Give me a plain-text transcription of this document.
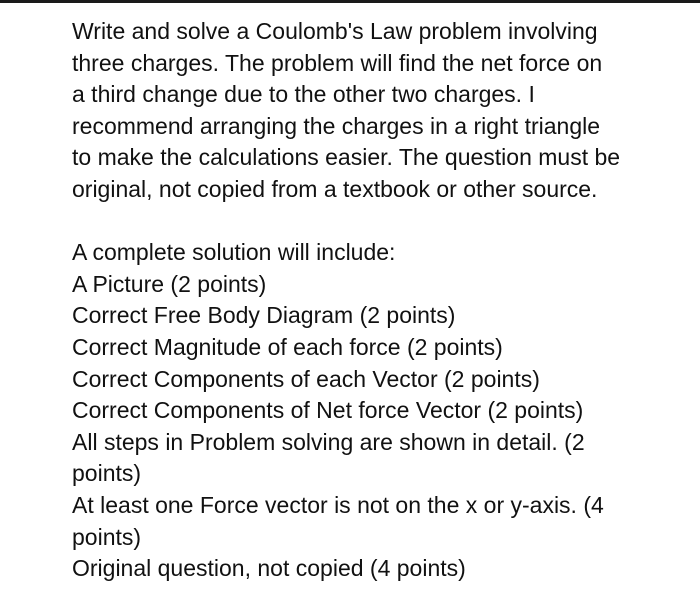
Write and solve a Coulomb's Law problem involving
three charges. The problem will find the net force on
a third change due to the other two charges. I
recommend arranging the charges in a right triangle
to make the calculations easier. The question must be
original, not copied from a textbook or other source.
A complete solution will include:
A Picture (2 points)
Correct Free Body Diagram (2 points)
Correct Magnitude of each force (2 points)
Correct Components of each Vector (2 points)
Correct Components of Net force Vector (2 points)
All steps in Problem solving are shown in detail. (2
points)
At least one Force vector is not on the x or y-axis. (4
points)
Original question, not copied (4 points)
